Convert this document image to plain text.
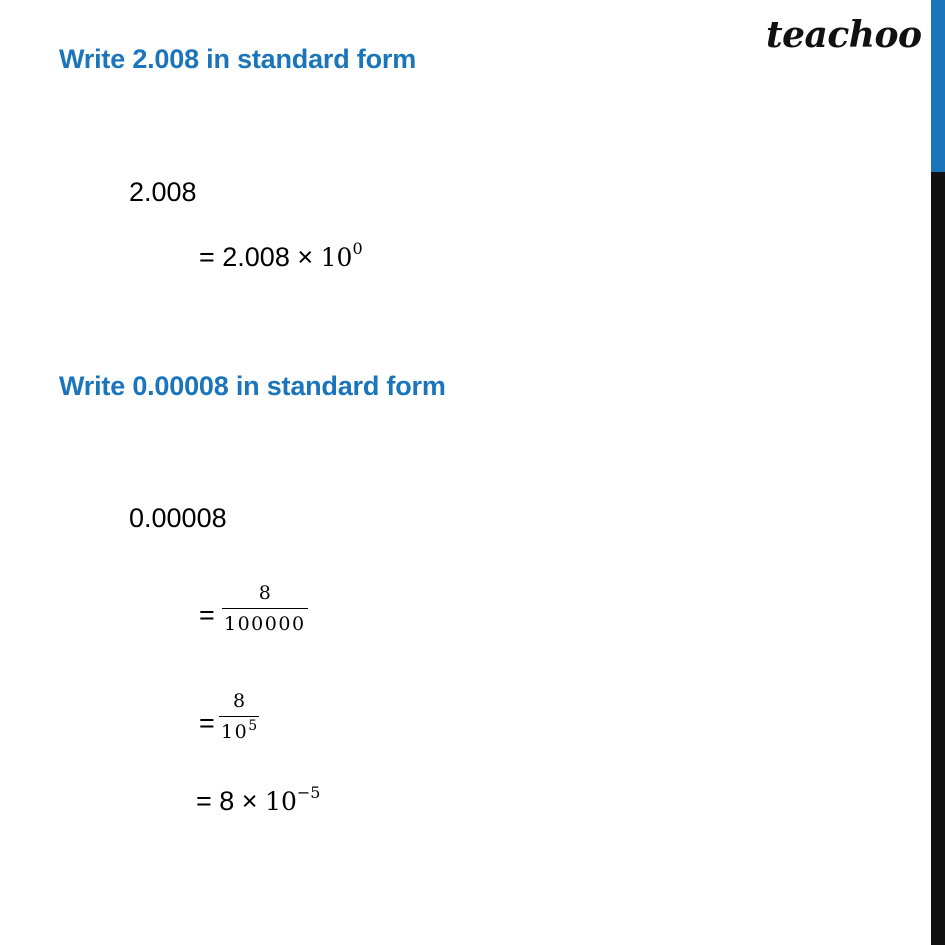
teachoo
Write 2.008 in standard form
2.008
= $2.008 \times 10^0$
Write 0.00008 in standard form
0.00008
=
8
100000
=
8
$10^5$
= $8 \times 10^{-5}$
